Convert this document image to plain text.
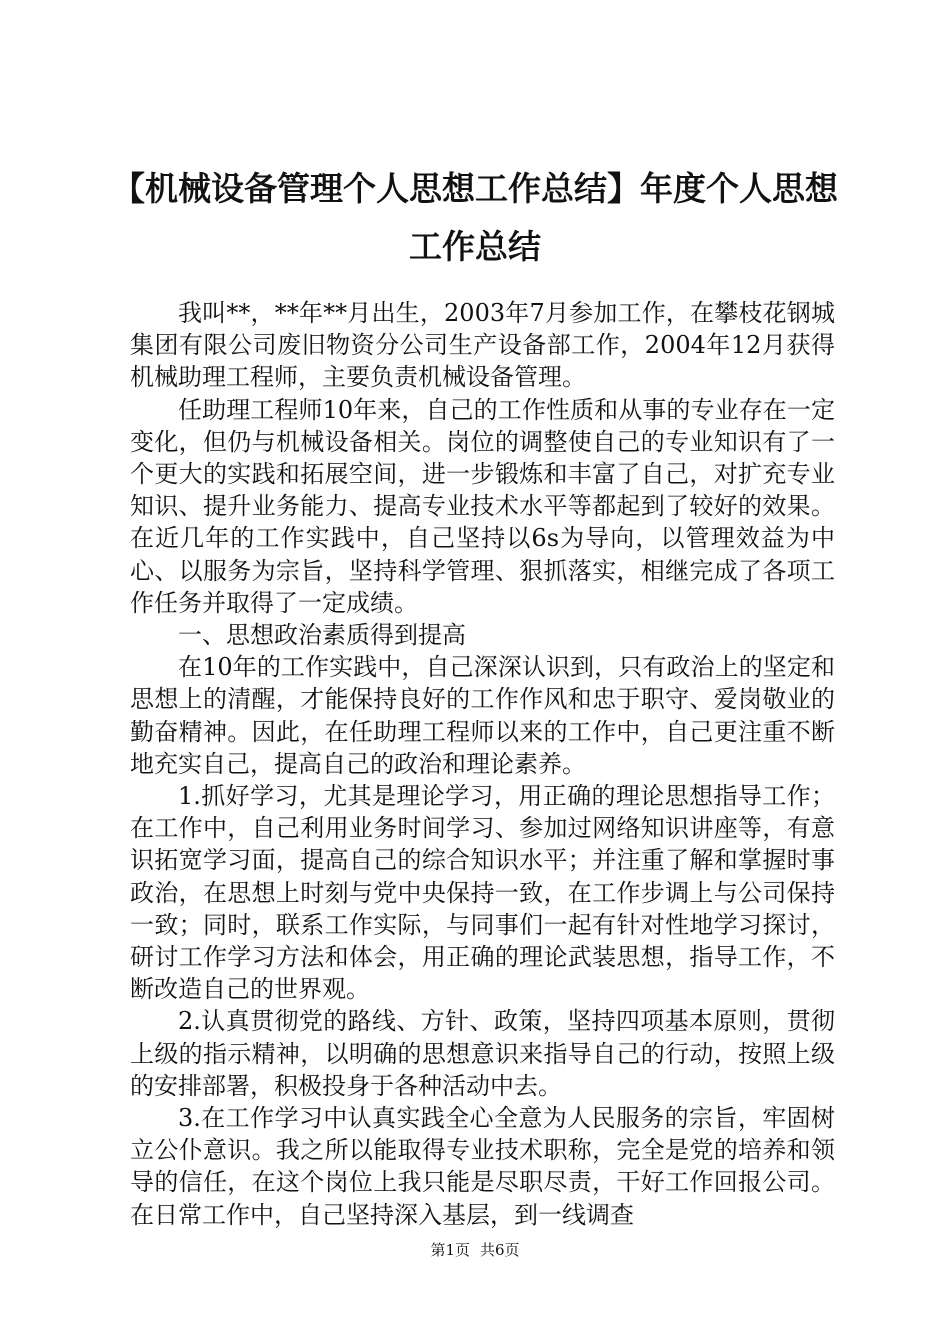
【机械设备管理个人思想工作总结】年度个人思想工作总结

我叫**，**年**月出生，2003年7月参加工作，在攀枝花钢城集团有限公司废旧物资分公司生产设备部工作，2004年12月获得机械助理工程师，主要负责机械设备管理。

任助理工程师10年来，自己的工作性质和从事的专业存在一定变化，但仍与机械设备相关。岗位的调整使自己的专业知识有了一个更大的实践和拓展空间，进一步锻炼和丰富了自己，对扩充专业知识、提升业务能力、提高专业技术水平等都起到了较好的效果。在近几年的工作实践中，自己坚持以6s为导向，以管理效益为中心、以服务为宗旨，坚持科学管理、狠抓落实，相继完成了各项工作任务并取得了一定成绩。

一、思想政治素质得到提高

在10年的工作实践中，自己深深认识到，只有政治上的坚定和思想上的清醒，才能保持良好的工作作风和忠于职守、爱岗敬业的勤奋精神。因此，在任助理工程师以来的工作中，自己更注重不断地充实自己，提高自己的政治和理论素养。

1.抓好学习，尤其是理论学习，用正确的理论思想指导工作；在工作中，自己利用业务时间学习、参加过网络知识讲座等，有意识拓宽学习面，提高自己的综合知识水平；并注重了解和掌握时事政治，在思想上时刻与党中央保持一致，在工作步调上与公司保持一致；同时，联系工作实际，与同事们一起有针对性地学习探讨，研讨工作学习方法和体会，用正确的理论武装思想，指导工作，不断改造自己的世界观。

2.认真贯彻党的路线、方针、政策，坚持四项基本原则，贯彻上级的指示精神，以明确的思想意识来指导自己的行动，按照上级的安排部署，积极投身于各种活动中去。

3.在工作学习中认真实践全心全意为人民服务的宗旨，牢固树立公仆意识。我之所以能取得专业技术职称，完全是党的培养和领导的信任，在这个岗位上我只能是尽职尽责，干好工作回报公司。在日常工作中，自己坚持深入基层，到一线调查

第1页 共6页
